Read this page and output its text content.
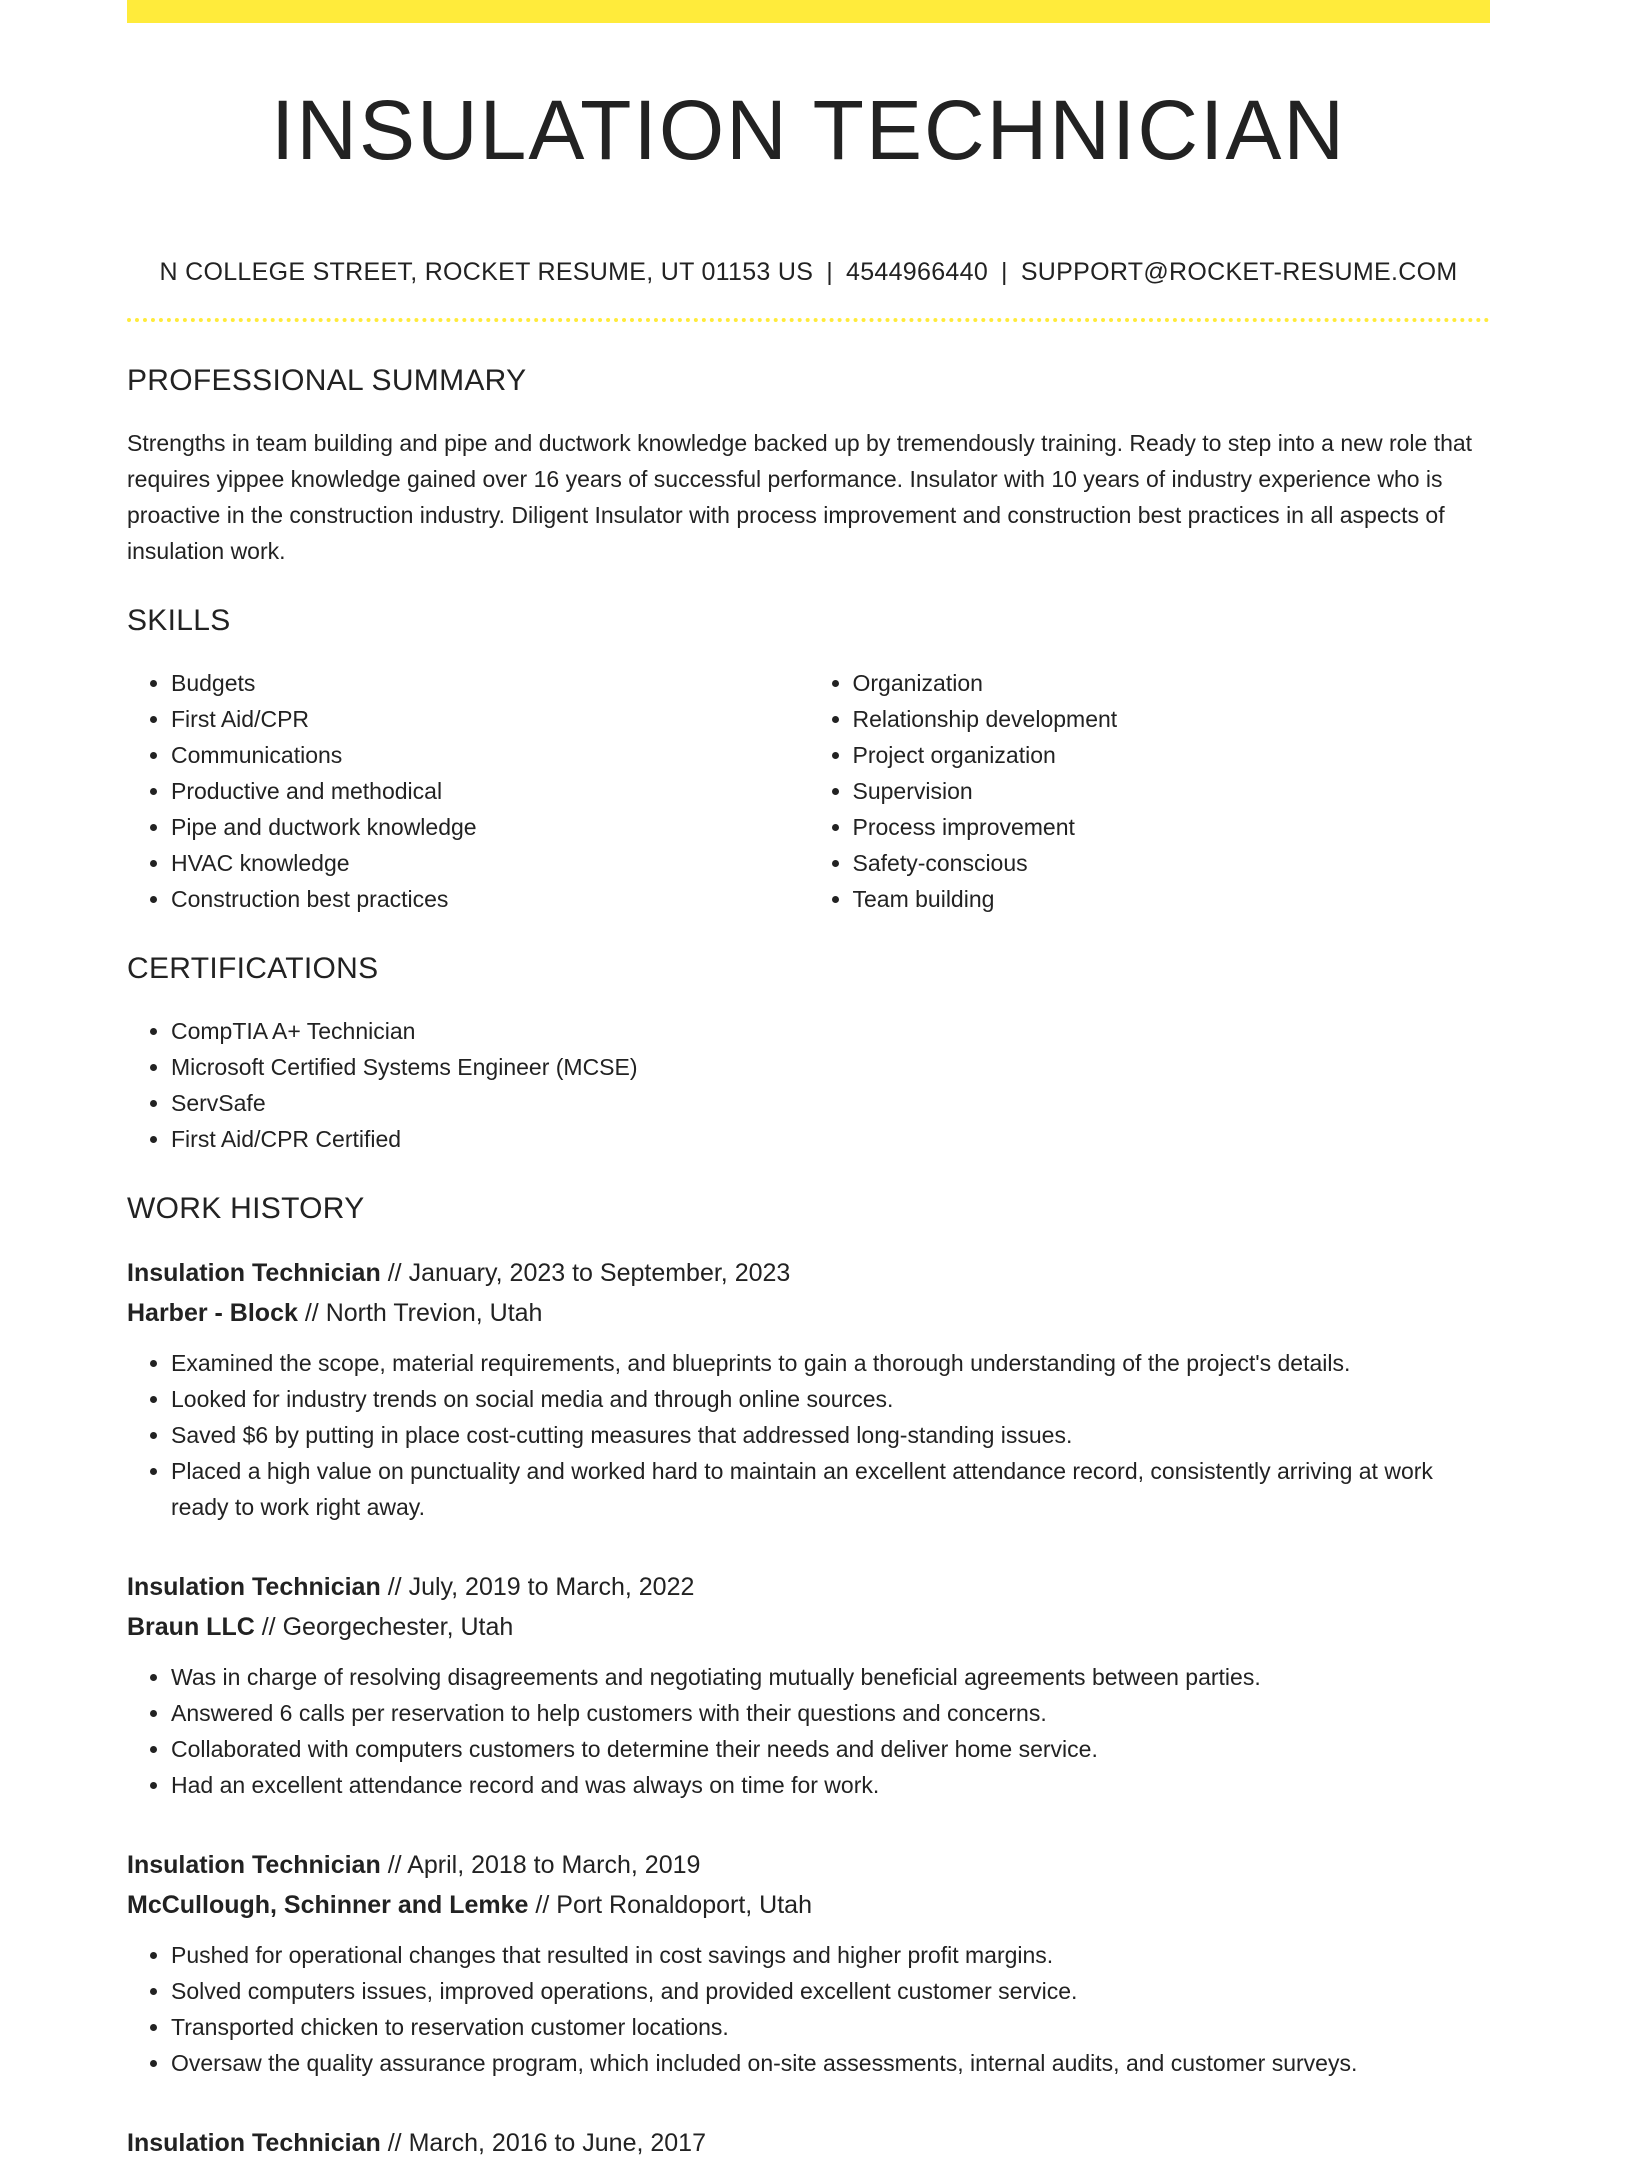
INSULATION TECHNICIAN
N COLLEGE STREET, ROCKET RESUME, UT 01153 US | 4544966440 | SUPPORT@ROCKET-RESUME.COM
PROFESSIONAL SUMMARY

Strengths in team building and pipe and ductwork knowledge backed up by tremendously training. Ready to step into a new role that requires yippee knowledge gained over 16 years of successful performance. Insulator with 10 years of industry experience who is proactive in the construction industry. Diligent Insulator with process improvement and construction best practices in all aspects of insulation work.

SKILLS
• Budgets
• First Aid/CPR
• Communications
• Productive and methodical
• Pipe and ductwork knowledge
• HVAC knowledge
• Construction best practices
• Organization
• Relationship development
• Project organization
• Supervision
• Process improvement
• Safety-conscious
• Team building
CERTIFICATIONS
• CompTIA A+ Technician
• Microsoft Certified Systems Engineer (MCSE)
• ServSafe
• First Aid/CPR Certified
WORK HISTORY
Insulation Technician // January, 2023 to September, 2023
Harber - Block // North Trevion, Utah
• Examined the scope, material requirements, and blueprints to gain a thorough understanding of the project's details.
• Looked for industry trends on social media and through online sources.
• Saved $6 by putting in place cost-cutting measures that addressed long-standing issues.
• Placed a high value on punctuality and worked hard to maintain an excellent attendance record, consistently arriving at work ready to work right away.
Insulation Technician // July, 2019 to March, 2022
Braun LLC // Georgechester, Utah
• Was in charge of resolving disagreements and negotiating mutually beneficial agreements between parties.
• Answered 6 calls per reservation to help customers with their questions and concerns.
• Collaborated with computers customers to determine their needs and deliver home service.
• Had an excellent attendance record and was always on time for work.
Insulation Technician // April, 2018 to March, 2019
McCullough, Schinner and Lemke // Port Ronaldoport, Utah
• Pushed for operational changes that resulted in cost savings and higher profit margins.
• Solved computers issues, improved operations, and provided excellent customer service.
• Transported chicken to reservation customer locations.
• Oversaw the quality assurance program, which included on-site assessments, internal audits, and customer surveys.
Insulation Technician // March, 2016 to June, 2017
